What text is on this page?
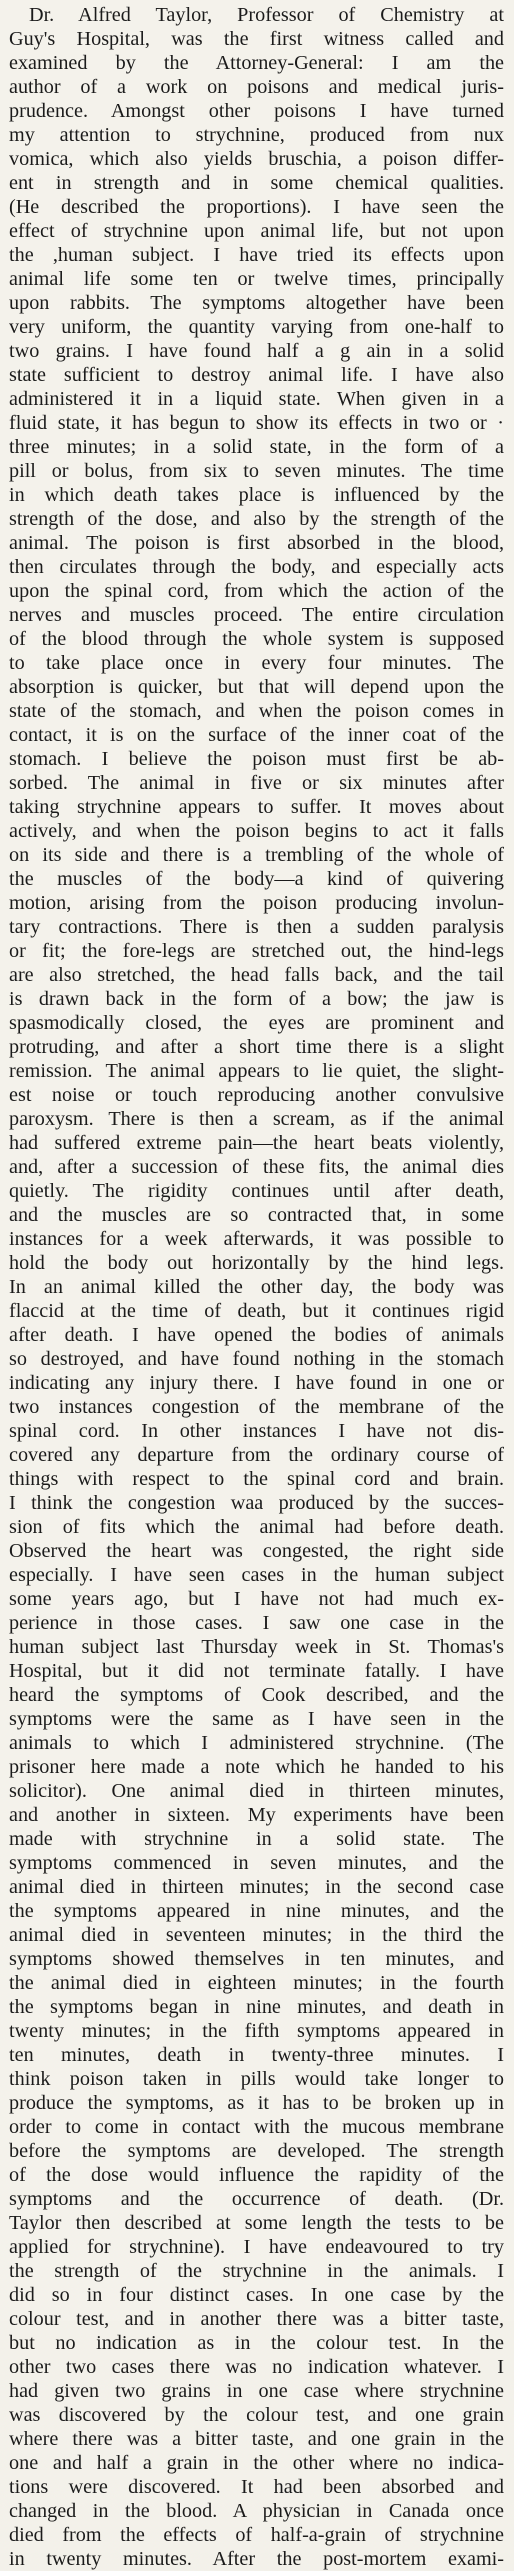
Dr. Alfred Taylor, Professor of Chemistry at
Guy's Hospital, was the first witness called and
examined by the Attorney-General: I am the
author of a work on poisons and medical juris-
prudence. Amongst other poisons I have turned
my attention to strychnine, produced from nux
vomica, which also yields bruschia, a poison differ-
ent in strength and in some chemical qualities.
(He described the proportions). I have seen the
effect of strychnine upon animal life, but not upon
the ,human subject. I have tried its effects upon
animal life some ten or twelve times, principally
upon rabbits. The symptoms altogether have been
very uniform, the quantity varying from one-half to
two grains. I have found half a g ain in a solid
state sufficient to destroy animal life. I have also
administered it in a liquid state. When given in a
fluid state, it has begun to show its effects in two or ·
three minutes; in a solid state, in the form of a
pill or bolus, from six to seven minutes. The time
in which death takes place is influenced by the
strength of the dose, and also by the strength of the
animal. The poison is first absorbed in the blood,
then circulates through the body, and especially acts
upon the spinal cord, from which the action of the
nerves and muscles proceed. The entire circulation
of the blood through the whole system is supposed
to take place once in every four minutes. The
absorption is quicker, but that will depend upon the
state of the stomach, and when the poison comes in
contact, it is on the surface of the inner coat of the
stomach. I believe the poison must first be ab-
sorbed. The animal in five or six minutes after
taking strychnine appears to suffer. It moves about
actively, and when the poison begins to act it falls
on its side and there is a trembling of the whole of
the muscles of the body—a kind of quivering
motion, arising from the poison producing involun-
tary contractions. There is then a sudden paralysis
or fit; the fore-legs are stretched out, the hind-legs
are also stretched, the head falls back, and the tail
is drawn back in the form of a bow; the jaw is
spasmodically closed, the eyes are prominent and
protruding, and after a short time there is a slight
remission. The animal appears to lie quiet, the slight-
est noise or touch reproducing another convulsive
paroxysm. There is then a scream, as if the animal
had suffered extreme pain—the heart beats violently,
and, after a succession of these fits, the animal dies
quietly. The rigidity continues until after death,
and the muscles are so contracted that, in some
instances for a week afterwards, it was possible to
hold the body out horizontally by the hind legs.
In an animal killed the other day, the body was
flaccid at the time of death, but it continues rigid
after death. I have opened the bodies of animals
so destroyed, and have found nothing in the stomach
indicating any injury there. I have found in one or
two instances congestion of the membrane of the
spinal cord. In other instances I have not dis-
covered any departure from the ordinary course of
things with respect to the spinal cord and brain.
I think the congestion waa produced by the succes-
sion of fits which the animal had before death.
Observed the heart was congested, the right side
especially. I have seen cases in the human subject
some years ago, but I have not had much ex-
perience in those cases. I saw one case in the
human subject last Thursday week in St. Thomas's
Hospital, but it did not terminate fatally. I have
heard the symptoms of Cook described, and the
symptoms were the same as I have seen in the
animals to which I administered strychnine. (The
prisoner here made a note which he handed to his
solicitor). One animal died in thirteen minutes,
and another in sixteen. My experiments have been
made with strychnine in a solid state. The
symptoms commenced in seven minutes, and the
animal died in thirteen minutes; in the second case
the symptoms appeared in nine minutes, and the
animal died in seventeen minutes; in the third the
symptoms showed themselves in ten minutes, and
the animal died in eighteen minutes; in the fourth
the symptoms began in nine minutes, and death in
twenty minutes; in the fifth symptoms appeared in
ten minutes, death in twenty-three minutes. I
think poison taken in pills would take longer to
produce the symptoms, as it has to be broken up in
order to come in contact with the mucous membrane
before the symptoms are developed. The strength
of the dose would influence the rapidity of the
symptoms and the occurrence of death. (Dr.
Taylor then described at some length the tests to be
applied for strychnine). I have endeavoured to try
the strength of the strychnine in the animals. I
did so in four distinct cases. In one case by the
colour test, and in another there was a bitter taste,
but no indication as in the colour test. In the
other two cases there was no indication whatever. I
had given two grains in one case where strychnine
was discovered by the colour test, and one grain
where there was a bitter taste, and one grain in the
one and half a grain in the other where no indica-
tions were discovered. It had been absorbed and
changed in the blood. A physician in Canada once
died from the effects of half-a-grain of strychnine
in twenty minutes. After the post-mortem exami-
